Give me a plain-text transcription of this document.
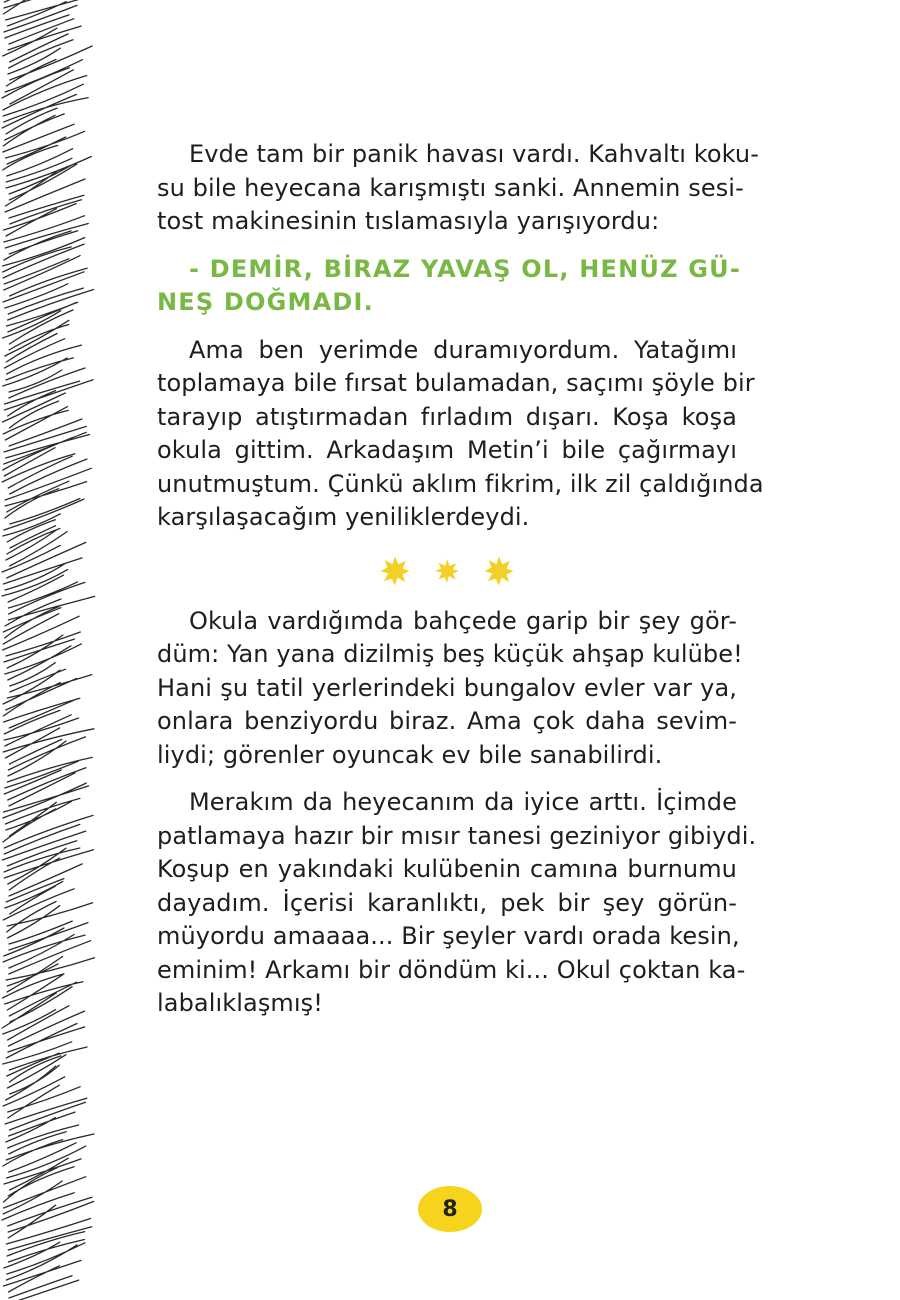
Evde tam bir panik havası vardı. Kahvaltı koku-
su bile heyecana karışmıştı sanki. Annemin sesi-
tost makinesinin tıslamasıyla yarışıyordu:
- DEMİR, BİRAZ YAVAŞ OL, HENÜZ GÜ-
NEŞ DOĞMADI.
Ama ben yerimde duramıyordum. Yatağımı
toplamaya bile fırsat bulamadan, saçımı şöyle bir
tarayıp atıştırmadan fırladım dışarı. Koşa koşa
okula gittim. Arkadaşım Metin’i bile çağırmayı
unutmuştum. Çünkü aklım fikrim, ilk zil çaldığında
karşılaşacağım yeniliklerdeydi.
Okula vardığımda bahçede garip bir şey gör-
düm: Yan yana dizilmiş beş küçük ahşap kulübe!
Hani şu tatil yerlerindeki bungalov evler var ya,
onlara benziyordu biraz. Ama çok daha sevim-
liydi; görenler oyuncak ev bile sanabilirdi.
Merakım da heyecanım da iyice arttı. İçimde
patlamaya hazır bir mısır tanesi geziniyor gibiydi.
Koşup en yakındaki kulübenin camına burnumu
dayadım. İçerisi karanlıktı, pek bir şey görün-
müyordu amaaaa... Bir şeyler vardı orada kesin,
eminim! Arkamı bir döndüm ki... Okul çoktan ka-
labalıklaşmış!
8
